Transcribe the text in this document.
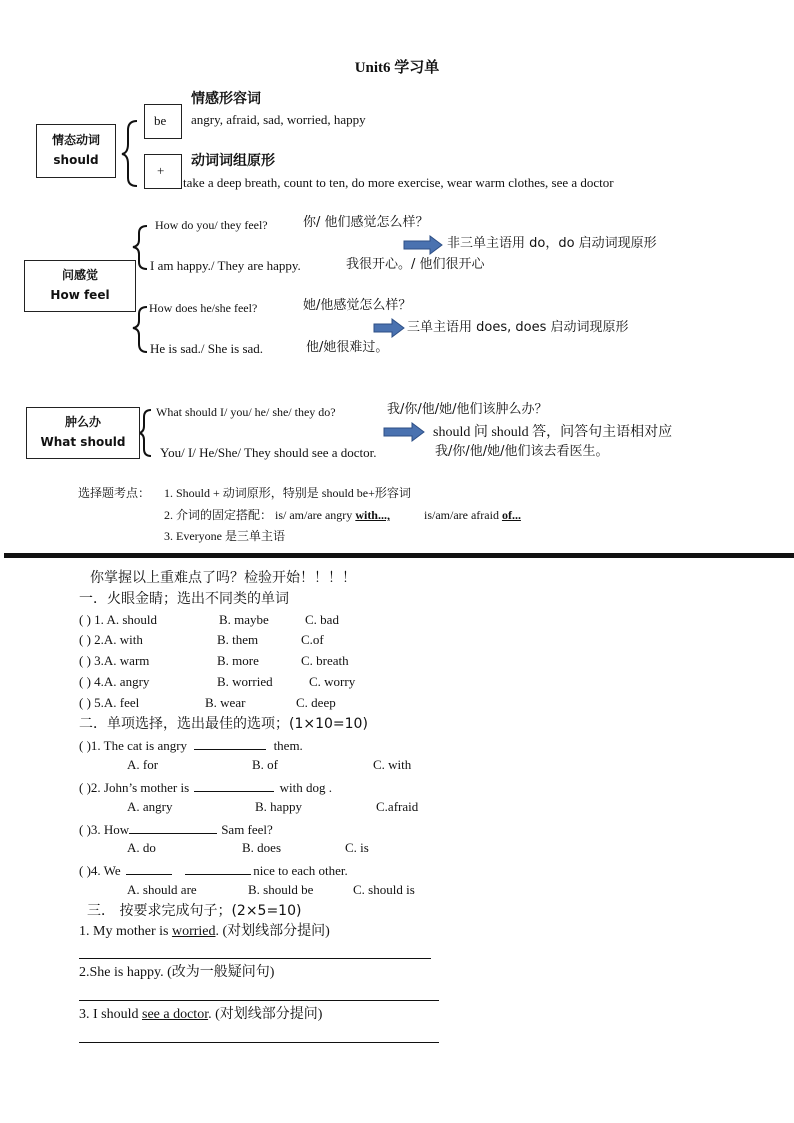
Unit6 学习单
情态动词
should
be
+
情感形容词
angry, afraid, sad, worried, happy
动词词组原形
take a deep breath, count to ten, do more exercise, wear warm clothes, see a doctor
问感觉
How feel
How do you/ they feel?	你/ 他们感觉怎么样？
非三单主语用 do，do 启动词现原形
I am happy./ They are happy.	我很开心。/ 他们很开心
How does he/she feel?	她/他感觉怎么样？
三单主语用 does, does 启动词现原形
He is sad./ She is sad.	他/她很难过。
肿么办
What should
What should I/ you/ he/ she/ they do?	我/你/他/她/他们该肿么办？
should 问 should 答，问答句主语相对应
You/ I/ He/She/ They should see a doctor.	我/你/他/她/他们该去看医生。
选择题考点： 1. Should + 动词原形，特别是 should be+形容词
2. 介词的固定搭配： is/ am/are angry with...,	is/am/are afraid of...
3. Everyone 是三单主语
你掌握以上重难点了吗？检验开始！！！！
一．火眼金睛；选出不同类的单词
( ) 1. A. should	B. maybe	C. bad
( ) 2.A. with	B. them	C.of
( ) 3.A. warm	B. more	C. breath
( ) 4.A. angry	B. worried	C. worry
( ) 5.A. feel	B. wear	C. deep
二．单项选择，选出最佳的选项；(1×10=10)
( )1. The cat is angry	them.
A. for	B. of	C. with
( )2. John’s mother is	with dog .
A. angry	B. happy	C.afraid
( )3. How	Sam feel?
A. do	B. does	C. is
( )4. We	nice to each other.
A. should are	B. should be	C. should is
三． 按要求完成句子；(2×5=10)
1. My mother is worried. (对划线部分提问)
2.She is happy. (改为一般疑问句)
3. I should see a doctor. (对划线部分提问)
